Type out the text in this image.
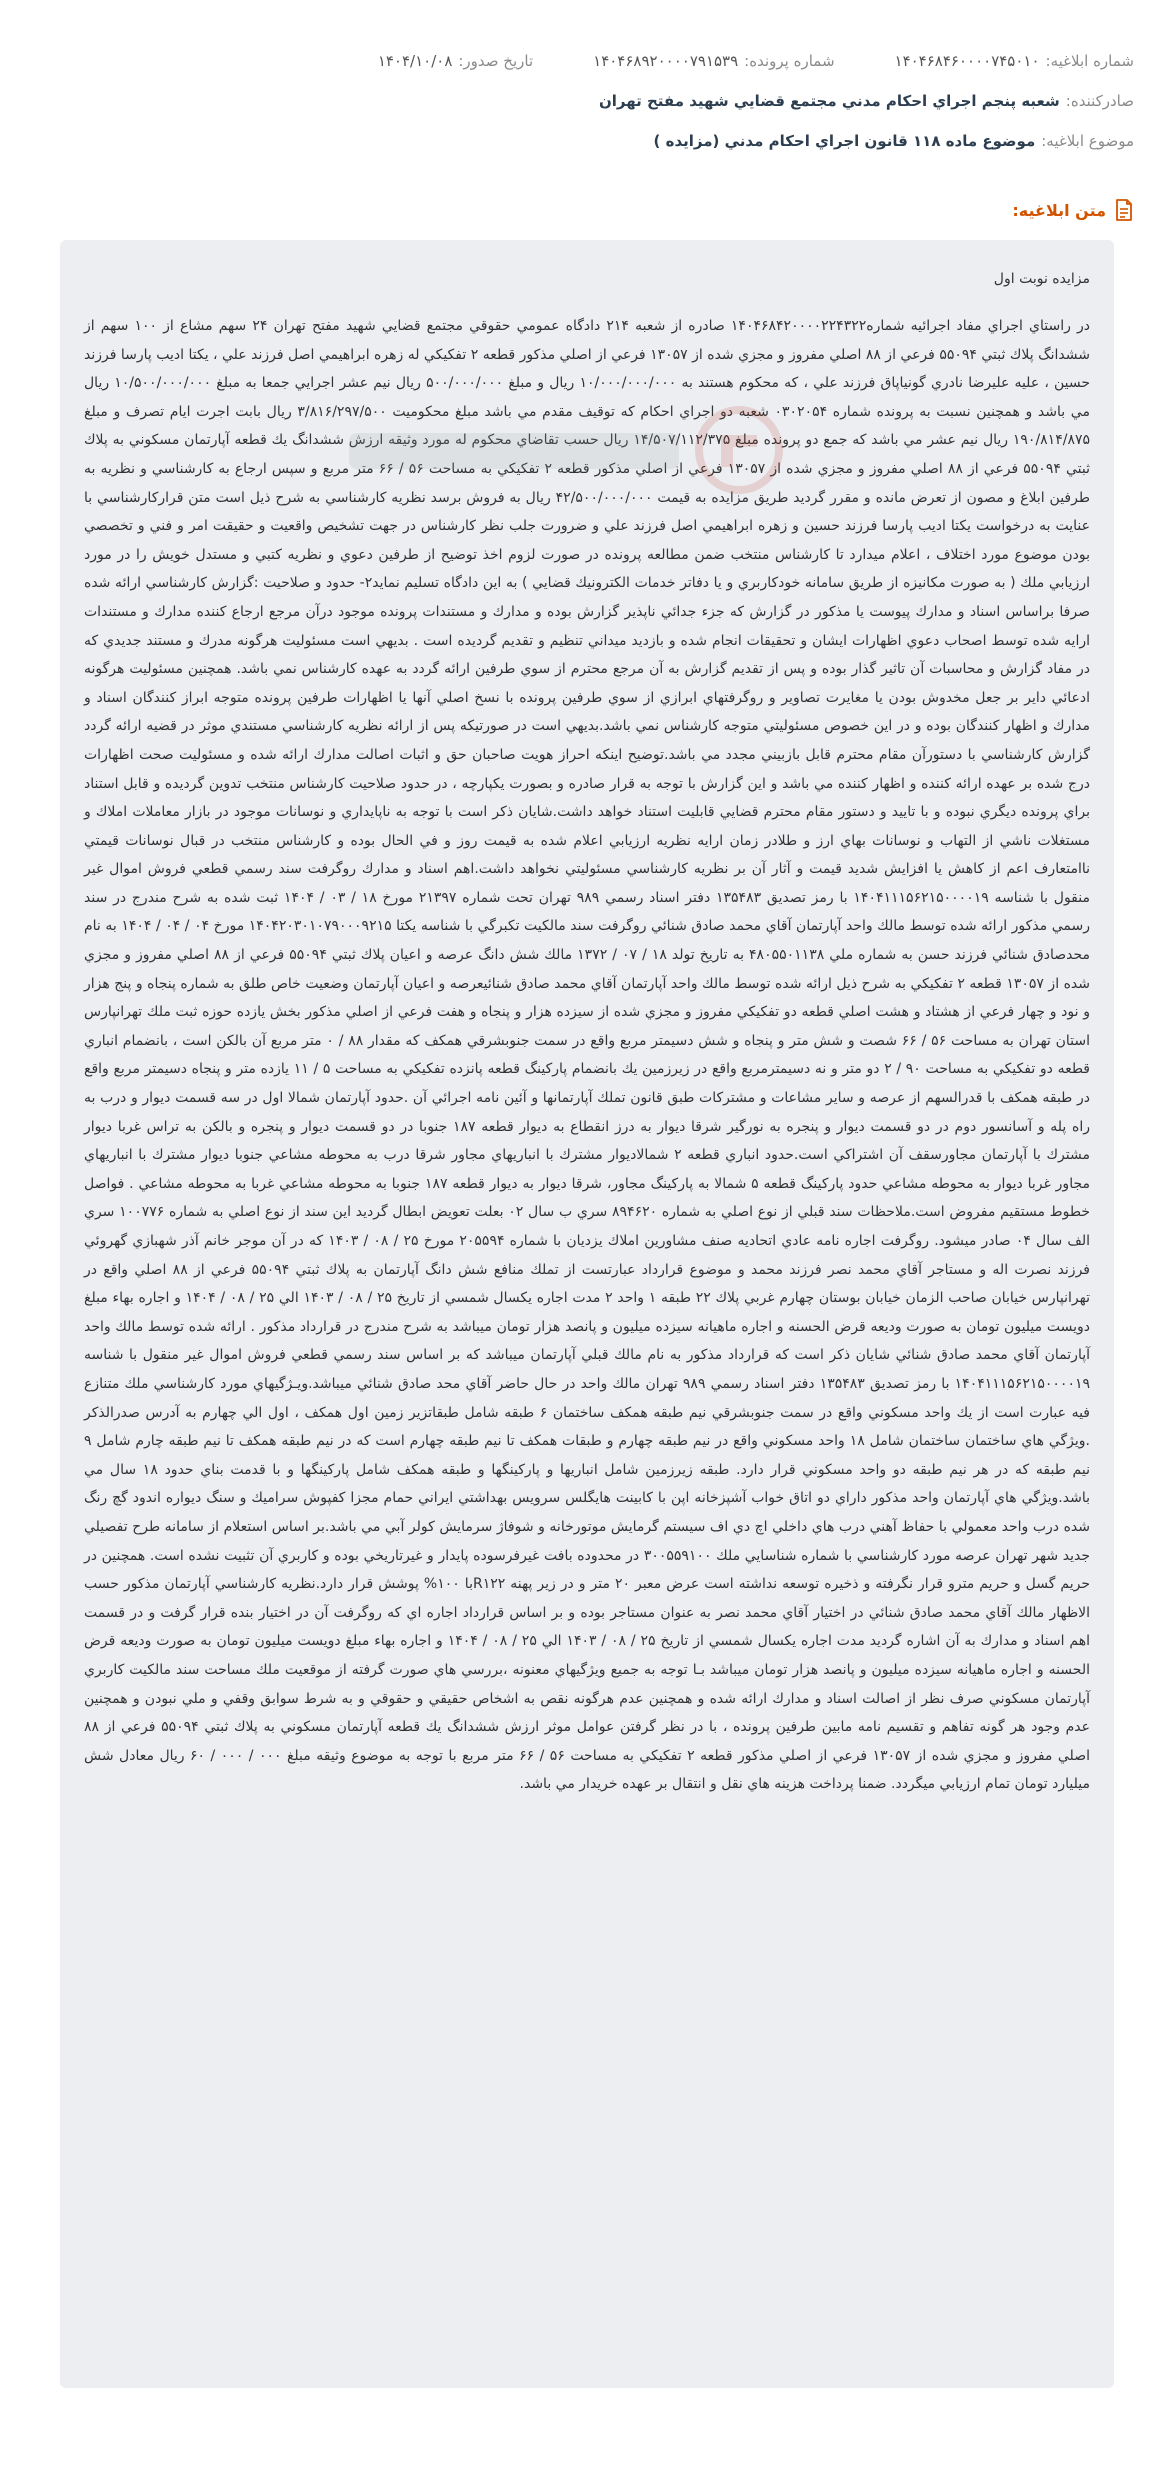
شماره ابلاغیه:
۱۴۰۴۶۸۴۶۰۰۰۰۷۴۵۰۱۰
شماره پرونده:
۱۴۰۴۶۸۹۲۰۰۰۰۷۹۱۵۳۹
تاریخ صدور:
۱۴۰۴/۱۰/۰۸
صادرکننده:
شعبه پنجم اجراي احكام مدني مجتمع قضايي شهيد مفتح تهران
موضوع ابلاغیه:
موضوع ماده ۱۱۸ قانون اجراي احكام مدني (مزايده )
متن ابلاغیه:
مزايده نوبت اول

در راستاي اجراي مفاد اجرائيه شماره۱۴۰۴۶۸۴۲۰۰۰۰۲۲۴۳۲۲ صادره از شعبه ۲۱۴ دادگاه عمومي حقوقي مجتمع قضايي شهيد مفتح تهران ۲۴ سهم مشاع از ۱۰۰ سهم از ششدانگ پلاك ثبتي ۵۵۰۹۴ فرعي از ۸۸ اصلي مفروز و مجزي شده از ۱۳۰۵۷ فرعي از اصلي مذكور قطعه ۲ تفكيكي له زهره ابراهيمي اصل فرزند علي ، يكتا اديب پارسا فرزند حسين ، عليه عليرضا نادري گونياپاق فرزند علي ، كه محكوم هستند به ۱۰/۰۰۰/۰۰۰/۰۰۰ ريال و مبلغ ۵۰۰/۰۰۰/۰۰۰ ريال نيم عشر اجرايي جمعا به مبلغ ۱۰/۵۰۰/۰۰۰/۰۰۰ ريال مي باشد و همچنين نسبت به پرونده شماره ۰۳۰۲۰۵۴ شعبه دو اجراي احكام كه توقيف مقدم مي باشد مبلغ محكوميت ۳/۸۱۶/۲۹۷/۵۰۰ ريال بابت اجرت ايام تصرف و مبلغ ۱۹۰/۸۱۴/۸۷۵ ريال نيم عشر مي باشد كه جمع دو پرونده مبلغ ۱۴/۵۰۷/۱۱۲/۳۷۵ ريال حسب تقاضاي محكوم له مورد وثيقه ارزش ششدانگ يك قطعه آپارتمان مسكوني به پلاك ثبتي ۵۵۰۹۴ فرعي از ۸۸ اصلي مفروز و مجزي شده از ۱۳۰۵۷ فرعي از اصلي مذكور قطعه ۲ تفكيكي به مساحت ۵۶ / ۶۶ متر مربع و سپس ارجاع به كارشناسي و نظريه به طرفين ابلاغ و مصون از تعرض مانده و مقرر گرديد طريق مزايده به قيمت ۴۲/۵۰۰/۰۰۰/۰۰۰ ريال به فروش برسد نظريه كارشناسي به شرح ذيل است متن قراركارشناسي با عنايت به درخواست يكتا اديب پارسا فرزند حسين و زهره ابراهيمي اصل فرزند علي و ضرورت جلب نظر كارشناس در جهت تشخيص واقعيت و حقيقت امر و فني و تخصصي بودن موضوع مورد اختلاف ، اعلام ميدارد تا كارشناس منتخب ضمن مطالعه پرونده در صورت لزوم اخذ توضيح از طرفين دعوي و نظريه كتبي و مستدل خويش را در مورد ارزيابي ملك ( به صورت مكانيزه از طريق سامانه خودكاربري و يا دفاتر خدمات الكترونيك قضايي ) به اين دادگاه تسليم نمايد۲- حدود و صلاحيت :گزارش كارشناسي ارائه شده صرفا براساس اسناد و مدارك پيوست يا مذكور در گزارش كه جزء جدائي ناپذير گزارش بوده و مدارك و مستندات پرونده موجود درآن مرجع ارجاع كننده مدارك و مستندات ارايه شده توسط اصحاب دعوي اظهارات ايشان و تحقيقات انجام شده و بازديد ميداني تنظيم و تقديم گرديده است . بديهي است مسئوليت هرگونه مدرك و مستند جديدي كه در مفاد گزارش و محاسبات آن تاثير گذار بوده و پس از تقديم گزارش به آن مرجع محترم از سوي طرفين ارائه گردد به عهده كارشناس نمي باشد. همچنين مسئوليت هرگونه ادعائي داير بر جعل مخدوش بودن يا مغايرت تصاوير و روگرفتهاي ابرازي از سوي طرفين پرونده با نسخ اصلي آنها يا اظهارات طرفين پرونده متوجه ابراز كنندگان اسناد و مدارك و اظهار كنندگان بوده و در اين خصوص مسئوليتي متوجه كارشناس نمي باشد.بديهي است در صورتيكه پس از ارائه نظريه كارشناسي مستندي موثر در قضيه ارائه گردد گزارش كارشناسي با دستورآن مقام محترم قابل بازبيني مجدد مي باشد.توضيح اينكه احراز هويت صاحبان حق و اثبات اصالت مدارك ارائه شده و مسئوليت صحت اظهارات درج شده بر عهده ارائه كننده و اظهار كننده مي باشد و اين گزارش با توجه به قرار صادره و بصورت يكپارچه ، در حدود صلاحيت كارشناس منتخب تدوين گرديده و قابل استناد براي پرونده ديگري نبوده و با تاييد و دستور مقام محترم قضايي قابليت استناد خواهد داشت.شايان ذكر است با توجه به ناپايداري و نوسانات موجود در بازار معاملات املاك و مستغلات ناشي از التهاب و نوسانات بهاي ارز و طلادر زمان ارايه نظريه ارزيابي اعلام شده به قيمت روز و في الحال بوده و كارشناس منتخب در قبال نوسانات قيمتي ناامتعارف اعم از كاهش يا افزايش شديد قيمت و آثار آن بر نظريه كارشناسي مسئوليتي نخواهد داشت.اهم اسناد و مدارك روگرفت سند رسمي قطعي فروش اموال غير منقول با شناسه ۱۴۰۴۱۱۱۵۶۲۱۵۰۰۰۰۱۹ با رمز تصديق ۱۳۵۴۸۳ دفتر اسناد رسمي ۹۸۹ تهران تحت شماره ۲۱۳۹۷ مورخ ۱۸ / ۰۳ / ۱۴۰۴ ثبت شده به شرح مندرج در سند رسمي مذكور ارائه شده توسط مالك واحد آپارتمان آقاي محمد صادق شنائي روگرفت سند مالكيت تكبرگي با شناسه يكتا ۱۴۰۴۲۰۳۰۱۰۷۹۰۰۰۹۲۱۵ مورخ ۰۴ / ۰۴ / ۱۴۰۴ به نام محدصادق شنائي فرزند حسن به شماره ملي ۴۸۰۵۵۰۱۱۳۸ به تاريخ تولد ۱۸ / ۰۷ / ۱۳۷۲ مالك شش دانگ عرصه و اعيان پلاك ثبتي ۵۵۰۹۴ فرعي از ۸۸ اصلي مفروز و مجزي شده از ۱۳۰۵۷ قطعه ۲ تفكيكي به شرح ذيل ارائه شده توسط مالك واحد آپارتمان آقاي محمد صادق شنائيعرصه و اعيان آپارتمان وضعيت خاص طلق به شماره پنجاه و پنج هزار و نود و چهار فرعي از هشتاد و هشت اصلي قطعه دو تفكيكي مفروز و مجزي شده از سيزده هزار و پنجاه و هفت فرعي از اصلي مذكور بخش يازده حوزه ثبت ملك تهرانپارس استان تهران به مساحت ۵۶ / ۶۶ شصت و شش متر و پنجاه و شش دسيمتر مربع واقع در سمت جنوبشرقي همكف كه مقدار ۸۸ / ۰ متر مربع آن بالكن است ، بانضمام انباري قطعه دو تفكيكي به مساحت ۹۰ / ۲ دو متر و نه دسيمترمربع واقع در زيرزمين يك بانضمام پاركينگ قطعه پانزده تفكيكي به مساحت ۵ / ۱۱ يازده متر و پنجاه دسيمتر مربع واقع در طبقه همكف با قدرالسهم از عرصه و ساير مشاعات و مشتركات طبق قانون تملك آپارتمانها و آئين نامه اجرائي آن .حدود آپارتمان شمالا اول در سه قسمت ديوار و درب به راه پله و آسانسور دوم در دو قسمت ديوار و پنجره به نورگير شرقا ديوار به درز انقطاع به ديوار قطعه ۱۸۷ جنوبا در دو قسمت ديوار و پنجره و بالكن به تراس غربا ديوار مشترك با آپارتمان مجاورسقف آن اشتراكي است.حدود انباري قطعه ۲ شمالاديوار مشترك با انباريهاي مجاور شرقا درب به محوطه مشاعي جنوبا ديوار مشترك با انباريهاي مجاور غربا ديوار به محوطه مشاعي حدود پاركينگ قطعه ۵ شمالا به پاركينگ مجاور، شرقا ديوار به ديوار قطعه ۱۸۷ جنوبا به محوطه مشاعي غربا به محوطه مشاعي . فواصل خطوط مستقيم مفروض است.ملاحظات سند قبلي از نوع اصلي به شماره ۸۹۴۶۲۰ سري ب سال ۰۲ بعلت تعويض ابطال گرديد اين سند از نوع اصلي به شماره ۱۰۰۷۷۶ سري الف سال ۰۴ صادر ميشود. روگرفت اجاره نامه عادي اتحاديه صنف مشاورين املاك يزديان با شماره ۲۰۵۵۹۴ مورخ ۲۵ / ۰۸ / ۱۴۰۳ كه در آن موجر خانم آذر شهبازي گهروئي فرزند نصرت اله و مستاجر آقاي محمد نصر فرزند محمد و موضوع قرارداد عبارتست از تملك منافع شش دانگ آپارتمان به پلاك ثبتي ۵۵۰۹۴ فرعي از ۸۸ اصلي واقع در تهرانپارس خيابان صاحب الزمان خيابان بوستان چهارم غربي پلاك ۲۲ طبقه ۱ واحد ۲ مدت اجاره يكسال شمسي از تاريخ ۲۵ / ۰۸ / ۱۴۰۳ الي ۲۵ / ۰۸ / ۱۴۰۴ و اجاره بهاء مبلغ دويست ميليون تومان به صورت وديعه قرض الحسنه و اجاره ماهيانه سيزده ميليون و پانصد هزار تومان ميباشد به شرح مندرج در قرارداد مذكور . ارائه شده توسط مالك واحد آپارتمان آقاي محمد صادق شنائي شايان ذكر است كه قرارداد مذكور به نام مالك قبلي آپارتمان ميباشد كه بر اساس سند رسمي قطعي فروش اموال غير منقول با شناسه ۱۴۰۴۱۱۱۵۶۲۱۵۰۰۰۰۱۹ با رمز تصديق ۱۳۵۴۸۳ دفتر اسناد رسمي ۹۸۹ تهران مالك واحد در حال حاضر آقاي محد صادق شنائي ميباشد.ويـژگيهاي مورد كارشناسي ملك متنازع فيه عبارت است از يك واحد مسكوني واقع در سمت جنوبشرقي نيم طبقه همكف ساختمان ۶ طبقه شامل طبقاتزير زمين اول همكف ، اول الي چهارم به آدرس صدرالذكر .ويژگي هاي ساختمان ساختمان شامل ۱۸ واحد مسكوني واقع در نيم طبقه چهارم و طبقات همكف تا نيم طبقه چهارم است كه در نيم طبقه همكف تا نيم طبقه چارم شامل ۹ نيم طبقه كه در هر نيم طبقه دو واحد مسكوني قرار دارد. طبقه زيرزمين شامل انباريها و پاركينگها و طبقه همكف شامل پاركينگها و با قدمت بناي حدود ۱۸ سال مي باشد.ويژگي هاي آپارتمان واحد مذكور داراي دو اتاق خواب آشپزخانه اپن با كابينت هايگلس سرويس بهداشتي ايراني حمام مجزا كفپوش سراميك و سنگ ديواره اندود گچ رنگ شده درب واحد معمولي با حفاظ آهني درب هاي داخلي اچ دي اف سيستم گرمايش موتورخانه و شوفاژ سرمايش كولر آبي مي باشد.بر اساس استعلام از سامانه طرح تفصيلي جديد شهر تهران عرصه مورد كارشناسي با شماره شناسايي ملك ۳۰۰۵۵۹۱۰۰ در محدوده بافت غيرفرسوده پايدار و غيرتاريخي بوده و كاربري آن تثبيت نشده است. همچنين در حريم گسل و حريم مترو قرار نگرفته و ذخيره توسعه نداشته است عرض معبر ۲۰ متر و در زير پهنه R۱۲۲با ۱۰۰% پوشش قرار دارد.نظريه كارشناسي آپارتمان مذكور حسب الاظهار مالك آقاي محمد صادق شنائي در اختيار آقاي محمد نصر به عنوان مستاجر بوده و بر اساس قرارداد اجاره اي كه روگرفت آن در اختيار بنده قرار گرفت و در قسمت اهم اسناد و مدارك به آن اشاره گرديد مدت اجاره يكسال شمسي از تاريخ ۲۵ / ۰۸ / ۱۴۰۳ الي ۲۵ / ۰۸ / ۱۴۰۴ و اجاره بهاء مبلغ دويست ميليون تومان به صورت وديعه قرض الحسنه و اجاره ماهيانه سيزده ميليون و پانصد هزار تومان ميباشد بـا توجه به جميع ويژگيهاي معنونه ،بررسي هاي صورت گرفته از موقعيت ملك مساحت سند مالكيت كاربري آپارتمان مسكوني صرف نظر از اصالت اسناد و مدارك ارائه شده و همچنين عدم هرگونه نقص به اشخاص حقيقي و حقوقي و به شرط سوابق وقفي و ملي نبودن و همچنين عدم وجود هر گونه تفاهم و تقسيم نامه مابين طرفين پرونده ، با در نظر گرفتن عوامل موثر ارزش ششدانگ يك قطعه آپارتمان مسكوني به پلاك ثبتي ۵۵۰۹۴ فرعي از ۸۸ اصلي مفروز و مجزي شده از ۱۳۰۵۷ فرعي از اصلي مذكور قطعه ۲ تفكيكي به مساحت ۵۶ / ۶۶ متر مربع با توجه به موضوع وثيقه مبلغ ۰۰۰ / ۰۰۰ / ۶۰ ريال معادل شش ميليارد تومان تمام ارزيابي ميگردد. ضمنا پرداخت هزينه هاي نقل و انتقال بر عهده خريدار مي باشد.
